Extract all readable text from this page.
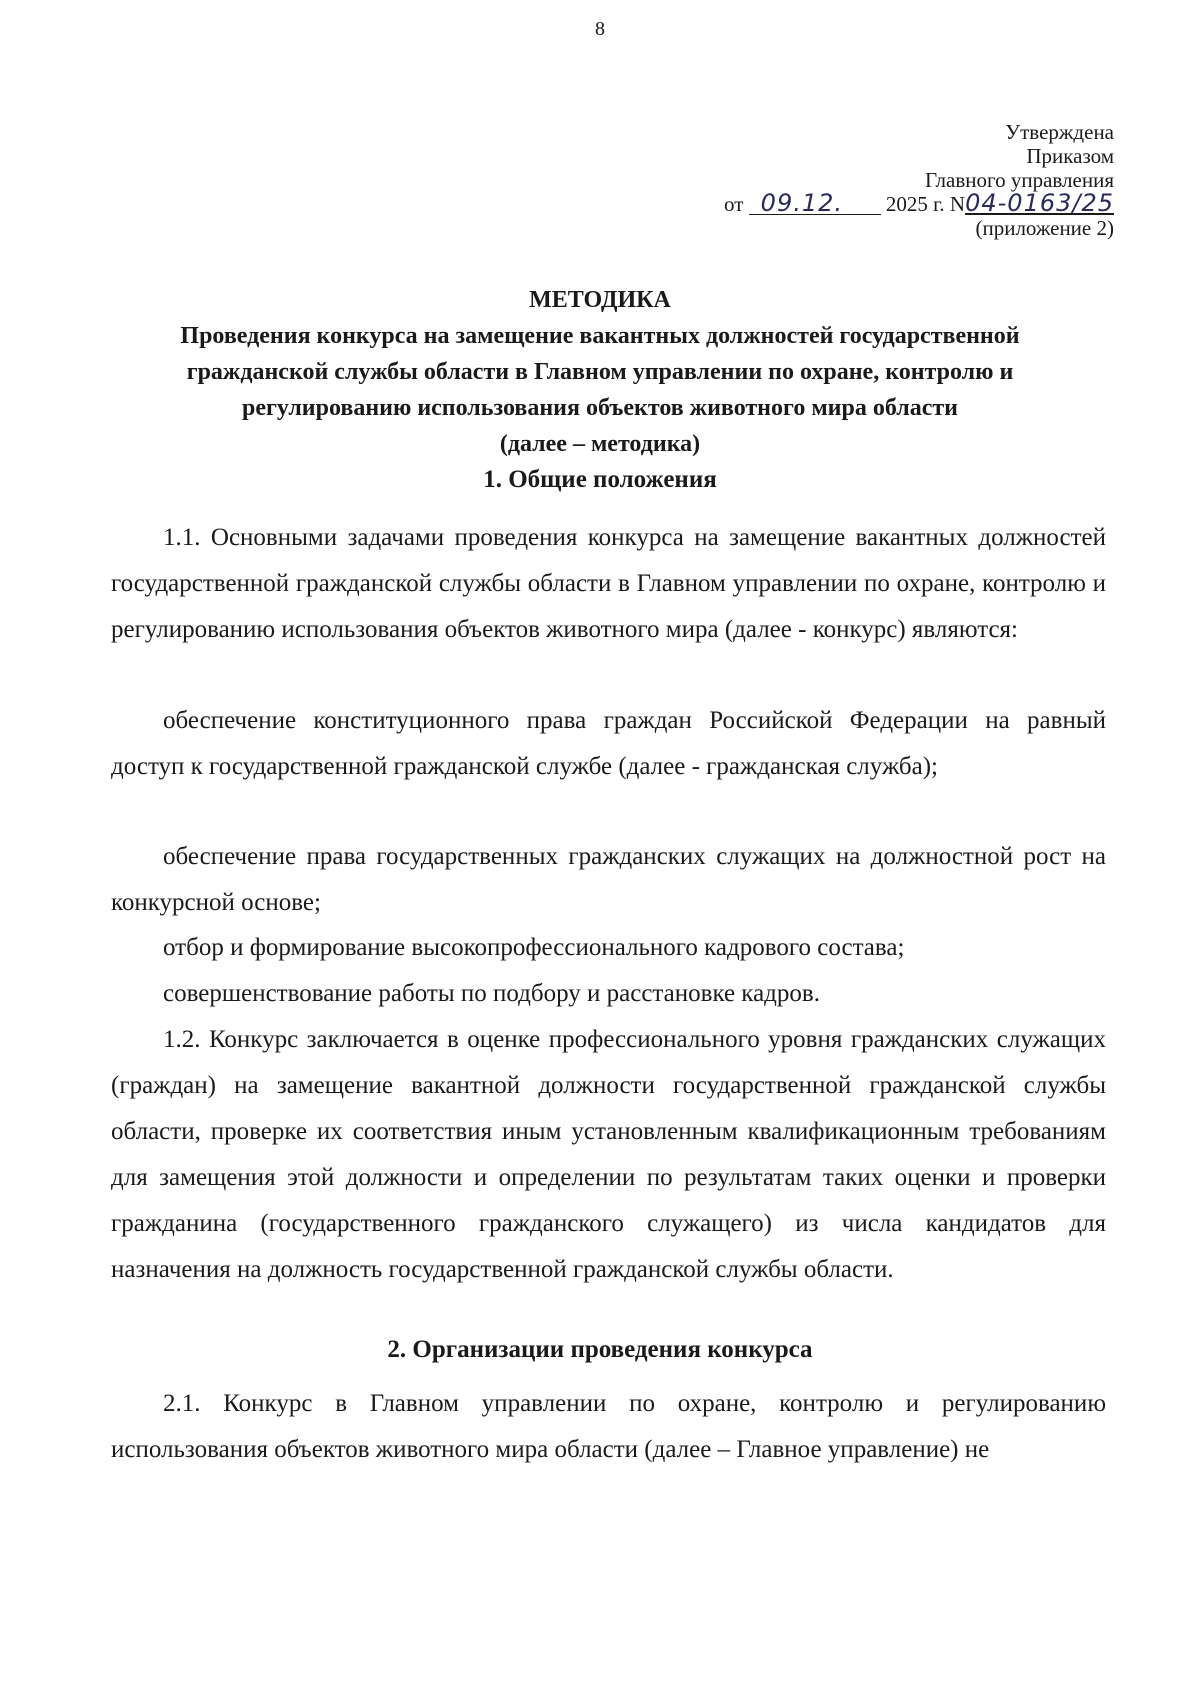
8
Утверждена
Приказом
Главного управления
от 09.12. 2025 г. N04-0163/25
(приложение 2)
МЕТОДИКА
Проведения конкурса на замещение вакантных должностей государственной
гражданской службы области в Главном управлении по охране, контролю и
регулированию использования объектов животного мира области
(далее – методика)
1. Общие положения

1.1. Основными задачами проведения конкурса на замещение вакантных должностей государственной гражданской службы области в Главном управлении по охране, контролю и регулированию использования объектов животного мира (далее - конкурс) являются:

обеспечение конституционного права граждан Российской Федерации на равный доступ к государственной гражданской службе (далее - гражданская служба);

обеспечение права государственных гражданских служащих на должностной рост на конкурсной основе;

отбор и формирование высокопрофессионального кадрового состава;

совершенствование работы по подбору и расстановке кадров.

1.2. Конкурс заключается в оценке профессионального уровня гражданских служащих (граждан) на замещение вакантной должности государственной гражданской службы области, проверке их соответствия иным установленным квалификационным требованиям для замещения этой должности и определении по результатам таких оценки и проверки гражданина (государственного гражданского служащего) из числа кандидатов для назначения на должность государственной гражданской службы области.

2. Организации проведения конкурса

2.1. Конкурс в Главном управлении по охране, контролю и регулированию использования объектов животного мира области (далее – Главное управление) не
